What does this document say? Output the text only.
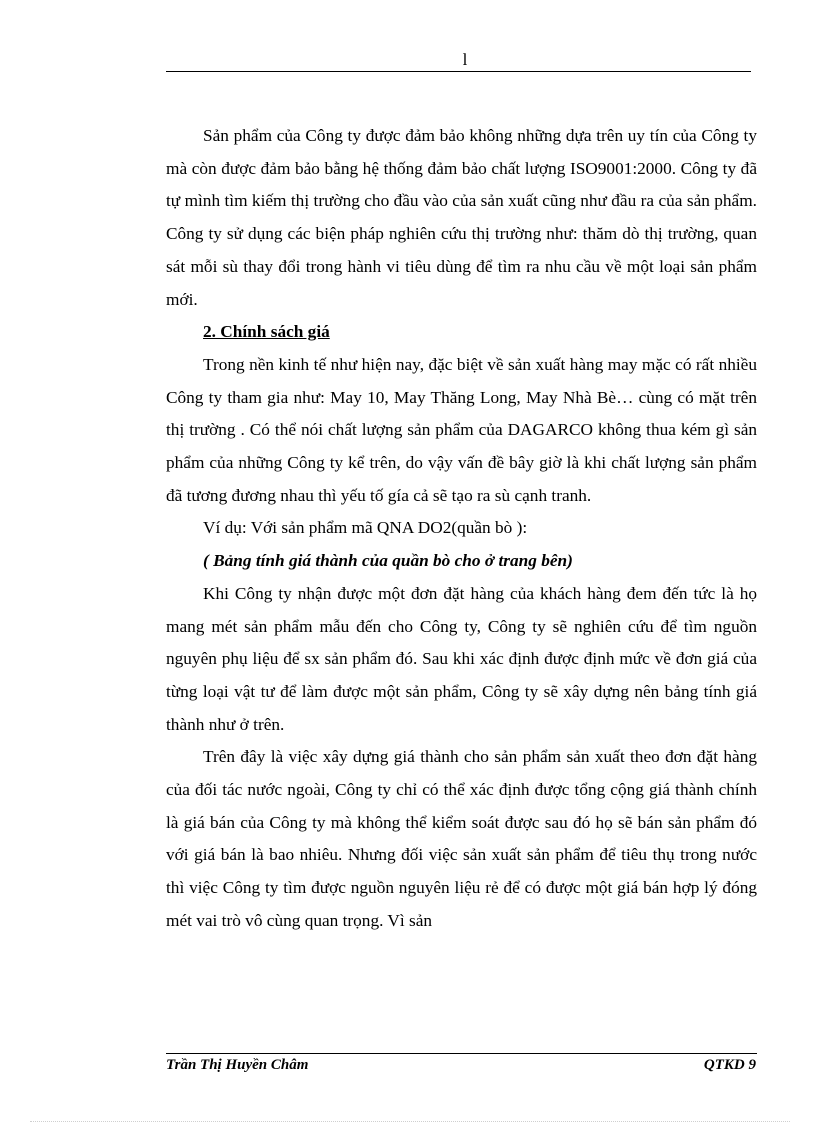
l

Sản phẩm của Công ty được đảm bảo không những dựa trên uy tín của Công ty mà còn được đảm bảo bằng hệ thống đảm bảo chất lượng ISO9001:2000. Công ty đã tự mình tìm kiếm thị trường cho đầu vào của sản xuất cũng như đầu ra của sản phẩm. Công ty sử dụng các biện pháp nghiên cứu thị trường như: thăm dò thị trường, quan sát mỗi sù thay đổi trong hành vi tiêu dùng để tìm ra nhu cầu về một loại sản phẩm mới.

2. Chính sách giá

Trong nền kinh tế như hiện nay, đặc biệt về sản xuất hàng may mặc có rất nhiều Công ty tham gia như: May 10, May Thăng Long, May Nhà Bè… cùng có mặt trên thị trường . Có thể nói chất lượng sản phẩm của DAGARCO không thua kém gì sản phẩm của những Công ty kể trên, do vậy vấn đề bây giờ là khi chất lượng sản phẩm đã tương đương nhau thì yếu tố gía cả sẽ tạo ra sù cạnh tranh.

Ví dụ: Với sản phẩm mã QNA DO2(quần bò ):

( Bảng tính giá thành của quần bò cho ở trang bên)

Khi Công ty nhận được một đơn đặt hàng của khách hàng đem đến tức là họ mang mét sản phẩm mẫu đến cho Công ty, Công ty sẽ nghiên cứu để tìm nguồn nguyên phụ liệu để sx sản phẩm đó. Sau khi xác định được định mức về đơn giá của từng loại vật tư để làm được một sản phẩm, Công ty sẽ xây dựng nên bảng tính giá thành như ở trên.

Trên đây là việc xây dựng giá thành cho sản phẩm sản xuất theo đơn đặt hàng của đối tác nước ngoài, Công ty chỉ có thể xác định được tổng cộng giá thành chính là giá bán của Công ty mà không thể kiểm soát được sau đó họ sẽ bán sản phẩm đó với giá bán là bao nhiêu. Nhưng đối việc sản xuất sản phẩm để tiêu thụ trong nước thì việc Công ty tìm được nguồn nguyên liệu rẻ để có được một giá bán hợp lý đóng mét vai trò vô cùng quan trọng. Vì sản

Trần Thị Huyền Châm	QTKD 9
